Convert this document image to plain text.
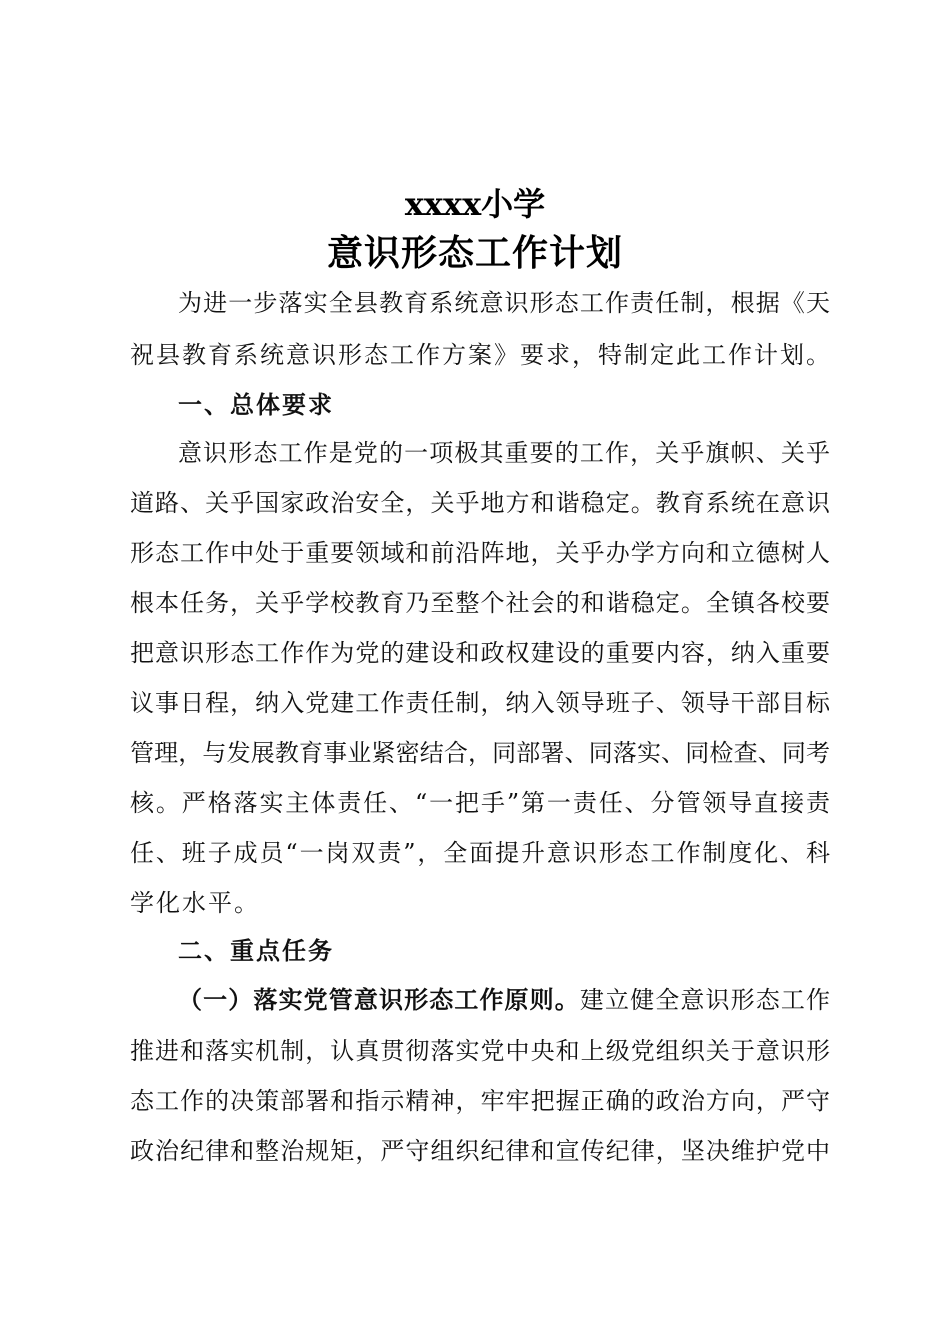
xxxx小学
意识形态工作计划
为进一步落实全县教育系统意识形态工作责任制，根据《天
祝县教育系统意识形态工作方案》要求，特制定此工作计划。
一、总体要求
意识形态工作是党的一项极其重要的工作，关乎旗帜、关乎
道路、关乎国家政治安全，关乎地方和谐稳定。教育系统在意识
形态工作中处于重要领域和前沿阵地，关乎办学方向和立德树人
根本任务，关乎学校教育乃至整个社会的和谐稳定。全镇各校要
把意识形态工作作为党的建设和政权建设的重要内容，纳入重要
议事日程，纳入党建工作责任制，纳入领导班子、领导干部目标
管理，与发展教育事业紧密结合，同部署、同落实、同检查、同考
核。严格落实主体责任、“一把手”第一责任、分管领导直接责
任、班子成员“一岗双责”，全面提升意识形态工作制度化、科
学化水平。
二、重点任务
（一）落实党管意识形态工作原则。建立健全意识形态工作
推进和落实机制，认真贯彻落实党中央和上级党组织关于意识形
态工作的决策部署和指示精神，牢牢把握正确的政治方向，严守
政治纪律和整治规矩，严守组织纪律和宣传纪律，坚决维护党中
